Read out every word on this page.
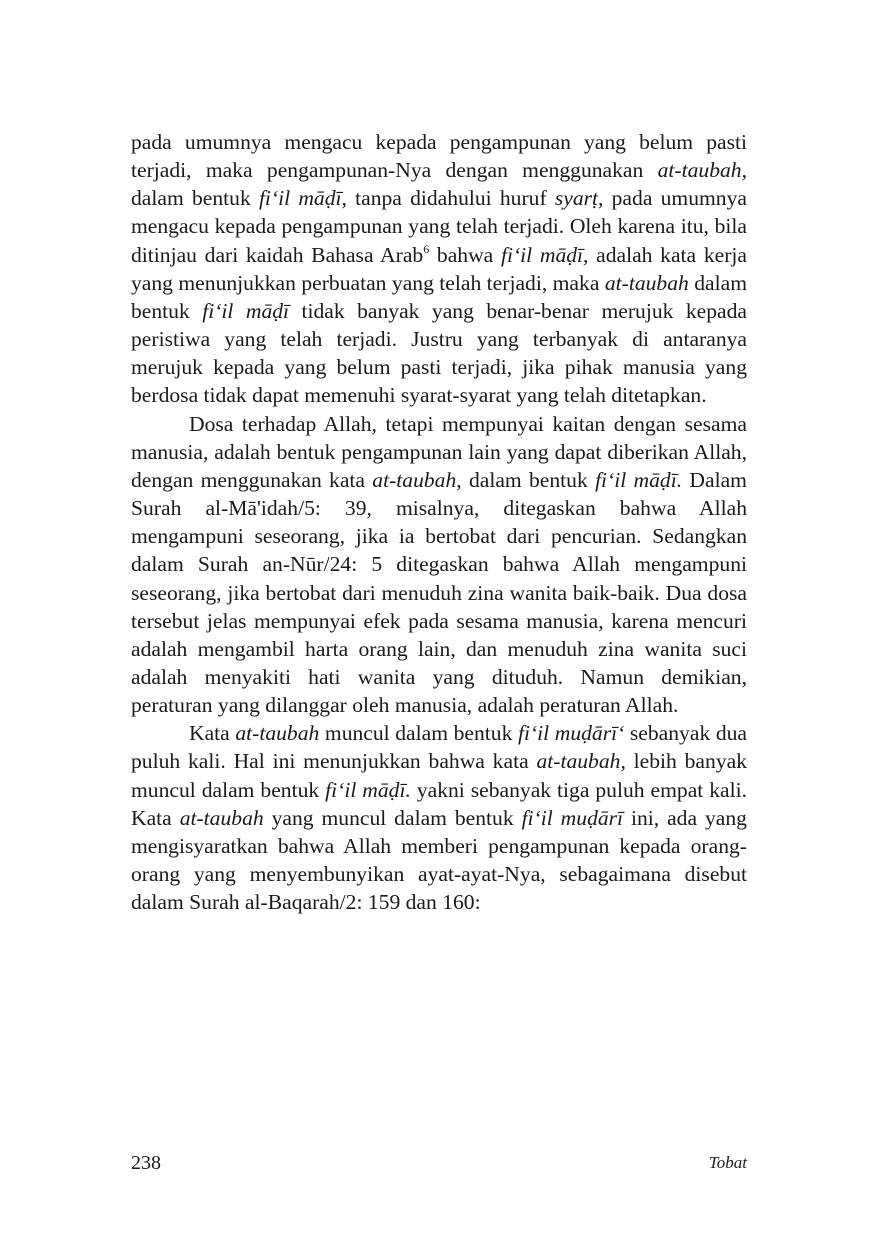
pada umumnya mengacu kepada pengampunan yang belum pasti terjadi, maka pengampunan-Nya dengan menggunakan at-taubah, dalam bentuk fi‘il māḍī, tanpa didahului huruf syarṭ, pada umumnya mengacu kepada pengampunan yang telah terjadi. Oleh karena itu, bila ditinjau dari kaidah Bahasa Arab$^6$ bahwa fi‘il māḍī, adalah kata kerja yang menunjukkan perbuatan yang telah terjadi, maka at-taubah dalam bentuk fi‘il māḍī tidak banyak yang benar-benar merujuk kepada peristiwa yang telah terjadi. Justru yang terbanyak di antaranya merujuk kepada yang belum pasti terjadi, jika pihak manusia yang berdosa tidak dapat memenuhi syarat-syarat yang telah ditetapkan.

Dosa terhadap Allah, tetapi mempunyai kaitan dengan sesama manusia, adalah bentuk pengampunan lain yang dapat diberikan Allah, dengan menggunakan kata at-taubah, dalam bentuk fi‘il māḍī. Dalam Surah al-Mā'idah/5: 39, misalnya, ditegaskan bahwa Allah mengampuni seseorang, jika ia bertobat dari pencurian. Sedangkan dalam Surah an-Nūr/24: 5 ditegaskan bahwa Allah mengampuni seseorang, jika bertobat dari menuduh zina wanita baik-baik. Dua dosa tersebut jelas mempunyai efek pada sesama manusia, karena mencuri adalah mengambil harta orang lain, dan menuduh zina wanita suci adalah menyakiti hati wanita yang dituduh. Namun demikian, peraturan yang dilanggar oleh manusia, adalah peraturan Allah.

Kata at-taubah muncul dalam bentuk fi‘il muḍārī‘ sebanyak dua puluh kali. Hal ini menunjukkan bahwa kata at-taubah, lebih banyak muncul dalam bentuk fi‘il māḍī. yakni sebanyak tiga puluh empat kali. Kata at-taubah yang muncul dalam bentuk fi‘il muḍārī ini, ada yang mengisyaratkan bahwa Allah memberi pengampunan kepada orang-orang yang menyembunyikan ayat-ayat-Nya, sebagaimana disebut dalam Surah al-Baqarah/2: 159 dan 160:

238	Tobat
